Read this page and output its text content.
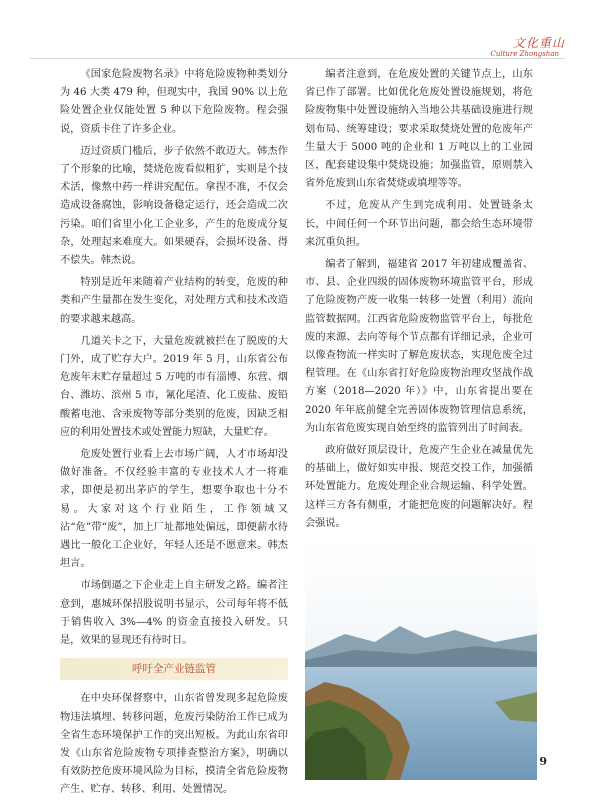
文化重山
Culture Zhongshan

《国家危险废物名录》中将危险废物种类划分为 46 大类 479 种，但现实中，我国 90% 以上危险处置企业仅能处置 5 种以下危险废物。程会强说，资质卡住了许多企业。

迈过资质门槛后，步子依然不敢迈大。韩杰作了个形象的比喻，焚烧危废看似粗犷，实则是个技术活，像熬中药一样讲究配伍。拿捏不准，不仅会造成设备腐蚀，影响设备稳定运行，还会造成二次污染。咱们省里小化工企业多，产生的危废成分复杂，处理起来难度大。如果硬吞，会损坏设备、得不偿失。韩杰说。

特别是近年来随着产业结构的转变，危废的种类和产生量都在发生变化，对处理方式和技术改造的要求越来越高。

几道关卡之下，大量危废就被拦在了脱废的大门外，成了贮存大户。2019 年 5 月，山东省公布危废年末贮存量超过 5 万吨的市有淄博、东营、烟台、潍坊、滨州 5 市，氰化尾渣、化工废盐、废铅酸蓄电池、含汞废物等部分类别的危废，因缺乏相应的利用处置技术或处置能力短缺，大量贮存。

危废处置行业看上去市场广阔，人才市场却没做好准备。不仅经验丰富的专业技术人才一将难求，即便是初出茅庐的学生，想要争取也十分不易。大家对这个行业陌生，工作领域又沾“危”带“废”，加上厂址都地处偏远，即便薪水待遇比一般化工企业好，年轻人还是不愿意来。韩杰坦言。

市场倒逼之下企业走上自主研发之路。编者注意到，惠城环保招股说明书显示，公司每年将不低于销售收入 3%—4% 的资金直接投入研发。只是，效果的显现还有待时日。

呼吁全产业链监管

在中央环保督察中，山东省曾发现多起危险废物违法填埋、转移问题，危废污染防治工作已成为全省生态环境保护工作的突出短板。为此山东省印发《山东省危险废物专项排查整治方案》，明确以有效防控危废环境风险为目标，摸清全省危险废物产生、贮存、转移、利用、处置情况。

编者注意到，在危废处置的关键节点上，山东省已作了部署。比如优化危废处置设施规划，将危险废物集中处置设施纳入当地公共基础设施进行规划布局、统筹建设；要求采取焚烧处置的危废年产生量大于 5000 吨的企业和 1 万吨以上的工业园区，配套建设集中焚烧设施；加强监管，原则禁入省外危废到山东省焚烧或填埋等等。

不过，危废从产生到完成利用、处置链条太长，中间任何一个环节出问题，都会给生态环境带来沉重负担。

编者了解到，福建省 2017 年初建成覆盖省、市、县、企业四级的固体废物环境监管平台，形成了危险废物产废一收集一转移一处置（利用）流向监管数据网。江西省危险废物监管平台上，每批危废的来源、去向等每个节点都有详细记录，企业可以像查物流一样实时了解危废状态，实现危废全过程管理。在《山东省打好危险废物治理攻坚战作战方案（2018—2020 年）》中，山东省提出要在 2020 年年底前健全完善固体废物管理信息系统，为山东省危废实现自始至终的监管列出了时间表。

政府做好顶层设计，危废产生企业在减量优先的基础上，做好如实申报、规范交投工作，加强循环处置能力。危废处理企业合规运输、科学处置。这样三方各有侧重，才能把危废的问题解决好。程会强说。

9
